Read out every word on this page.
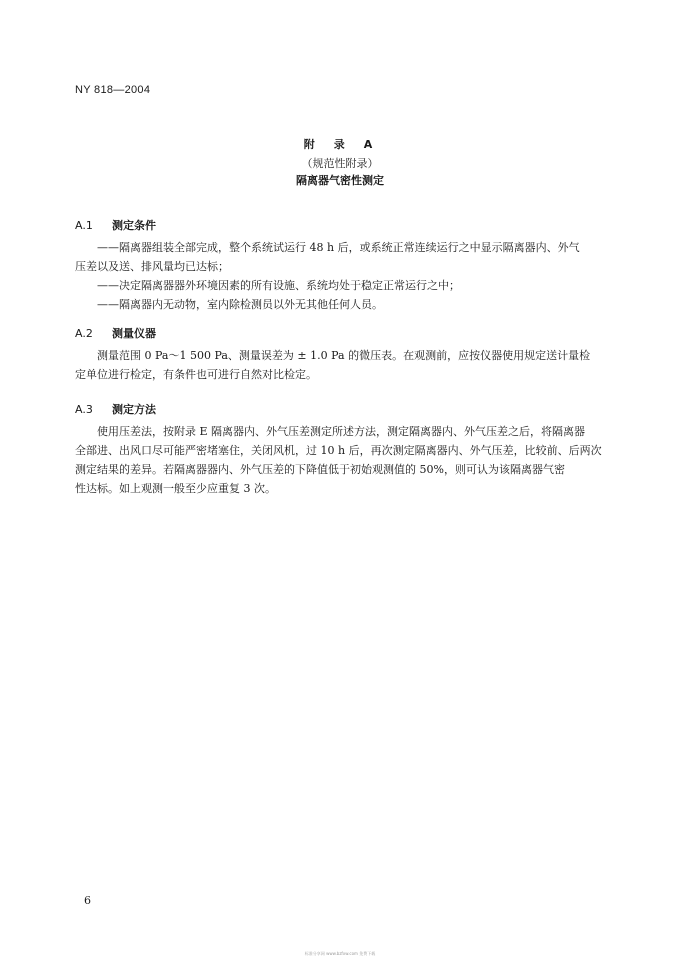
NY 818—2004
附　录　A
（规范性附录）
隔离器气密性测定
A.1 测定条件
——隔离器组装全部完成，整个系统试运行 48 h 后，或系统正常连续运行之中显示隔离器内、外气
压差以及送、排风量均已达标；
——决定隔离器器外环境因素的所有设施、系统均处于稳定正常运行之中；
——隔离器内无动物，室内除检测员以外无其他任何人员。
A.2 测量仪器
测量范围 0 Pa～1 500 Pa、测量误差为 ± 1.0 Pa 的微压表。在观测前，应按仪器使用规定送计量检
定单位进行检定，有条件也可进行自然对比检定。
A.3 测定方法
使用压差法，按附录 E 隔离器内、外气压差测定所述方法，测定隔离器内、外气压差之后，将隔离器
全部进、出风口尽可能严密堵塞住，关闭风机，过 10 h 后，再次测定隔离器内、外气压差，比较前、后两次
测定结果的差异。若隔离器器内、外气压差的下降值低于初始观测值的 50%，则可认为该隔离器气密
性达标。如上观测一般至少应重复 3 次。
6
标准分享网 www.bzfxw.com 免费下载
